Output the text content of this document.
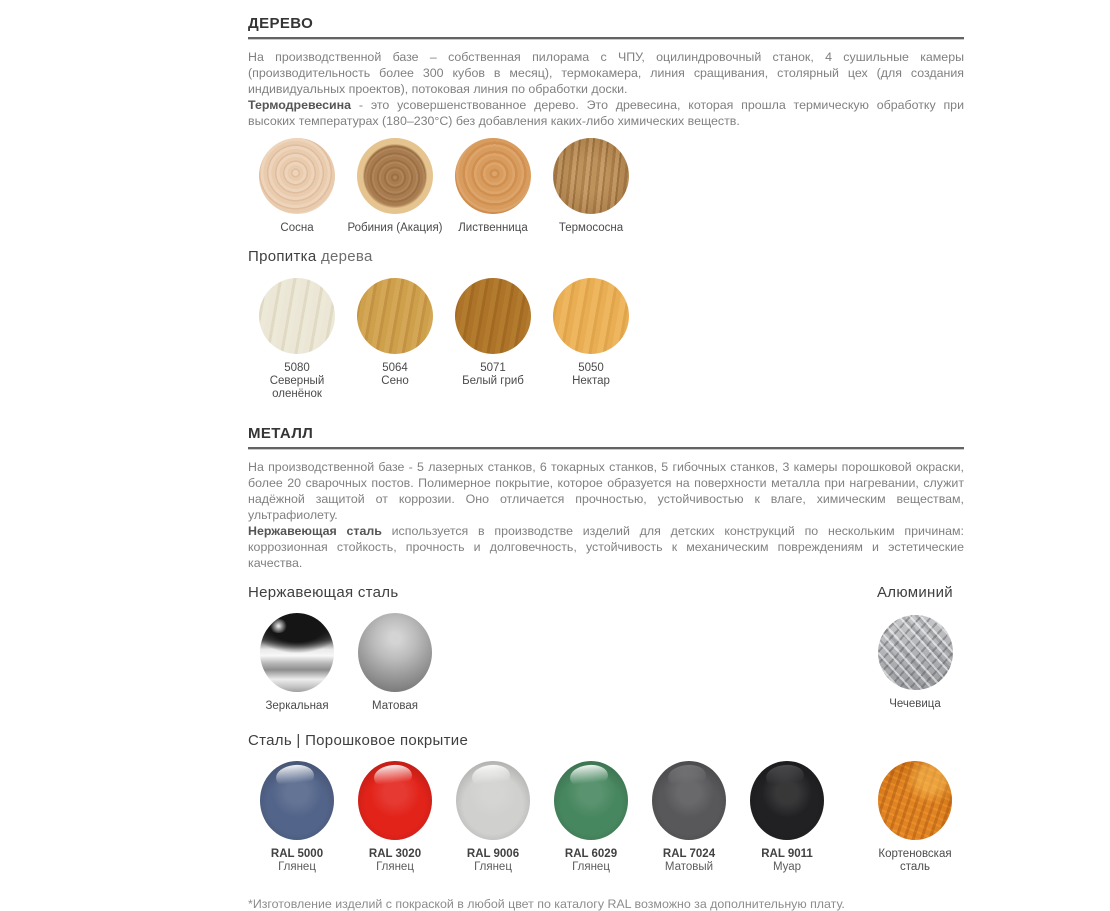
ДЕРЕВО

На производственной базе – собственная пилорама с ЧПУ, оцилиндровочный станок, 4 сушильные камеры (производительность более 300 кубов в месяц), термокамера, линия сращивания, столярный цех (для создания индивидуальных проектов), потоковая линия по обработки доски.

Термодревесина - это усовершенствованное дерево. Это древесина, которая прошла термическую обработку при высоких температурах (180–230°С) без добавления каких-либо химических веществ.

Сосна	Робиния (Акация)	Лиственница	Термососна
Пропитка дерева
5080
Северный оленёнок
5064
Сено
5071
Белый гриб
5050
Нектар
МЕТАЛЛ

На производственной базе - 5 лазерных станков, 6 токарных станков, 5 гибочных станков, 3 камеры порошковой окраски, более 20 сварочных постов. Полимерное покрытие, которое образуется на поверхности металла при нагревании, служит надёжной защитой от коррозии. Оно отличается прочностью, устойчивостью к влаге, химическим веществам, ультрафиолету.

Нержавеющая сталь используется в производстве изделий для детских конструкций по нескольким причинам: коррозионная стойкость, прочность и долговечность, устойчивость к механическим повреждениям и эстетические качества.

Нержавеющая сталь	Алюминий
Зеркальная	Матовая	Чечевица
Сталь | Порошковое покрытие
RAL 5000
Глянец
RAL 3020
Глянец
RAL 9006
Глянец
RAL 6029
Глянец
RAL 7024
Матовый
RAL 9011
Муар
Кортеновская сталь
*Изготовление изделий с покраской в любой цвет по каталогу RAL возможно за дополнительную плату.
